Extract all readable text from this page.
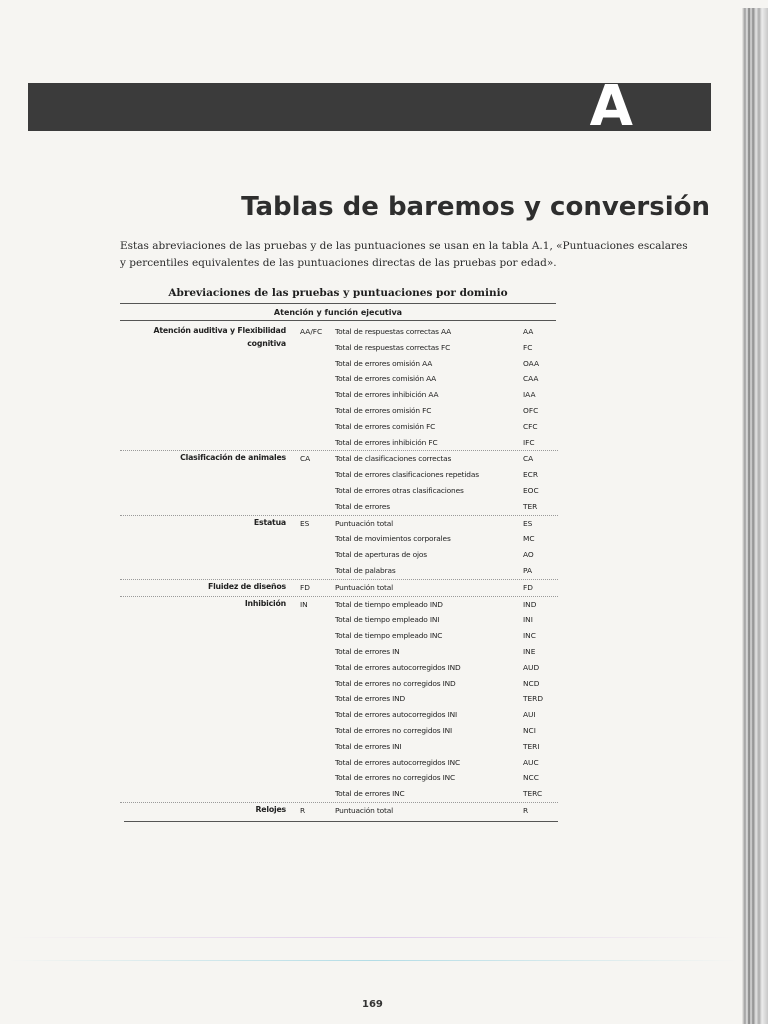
A
Tablas de baremos y conversión

Estas abreviaciones de las pruebas y de las puntuaciones se usan en la tabla A.1, «Puntuaciones escalares
y percentiles equivalentes de las puntuaciones directas de las pruebas por edad».

Abreviaciones de las pruebas y puntuaciones por dominio
Atención y función ejecutiva
Atención auditiva y Flexibilidad cognitiva
AA/FC	Total de respuestas correctas AA	AA
Total de respuestas correctas FC	FC
Total de errores omisión AA	OAA
Total de errores comisión AA	CAA
Total de errores inhibición AA	IAA
Total de errores omisión FC	OFC
Total de errores comisión FC	CFC
Total de errores inhibición FC	IFC
Clasificación de animales CA	Total de clasificaciones correctas	CA
Total de errores clasificaciones repetidas	ECR
Total de errores otras clasificaciones	EOC
Total de errores	TER
Estatua ES	Puntuación total	ES
Total de movimientos corporales	MC
Total de aperturas de ojos	AO
Total de palabras	PA
Fluidez de diseños FD	Puntuación total	FD
Inhibición IN	Total de tiempo empleado IND	IND
Total de tiempo empleado INI	INI
Total de tiempo empleado INC	INC
Total de errores IN	INE
Total de errores autocorregidos IND	AUD
Total de errores no corregidos IND	NCD
Total de errores IND	TERD
Total de errores autocorregidos INI	AUI
Total de errores no corregidos INI	NCI
Total de errores INI	TERI
Total de errores autocorregidos INC	AUC
Total de errores no corregidos INC	NCC
Total de errores INC	TERC
Relojes R	Puntuación total	R
169
